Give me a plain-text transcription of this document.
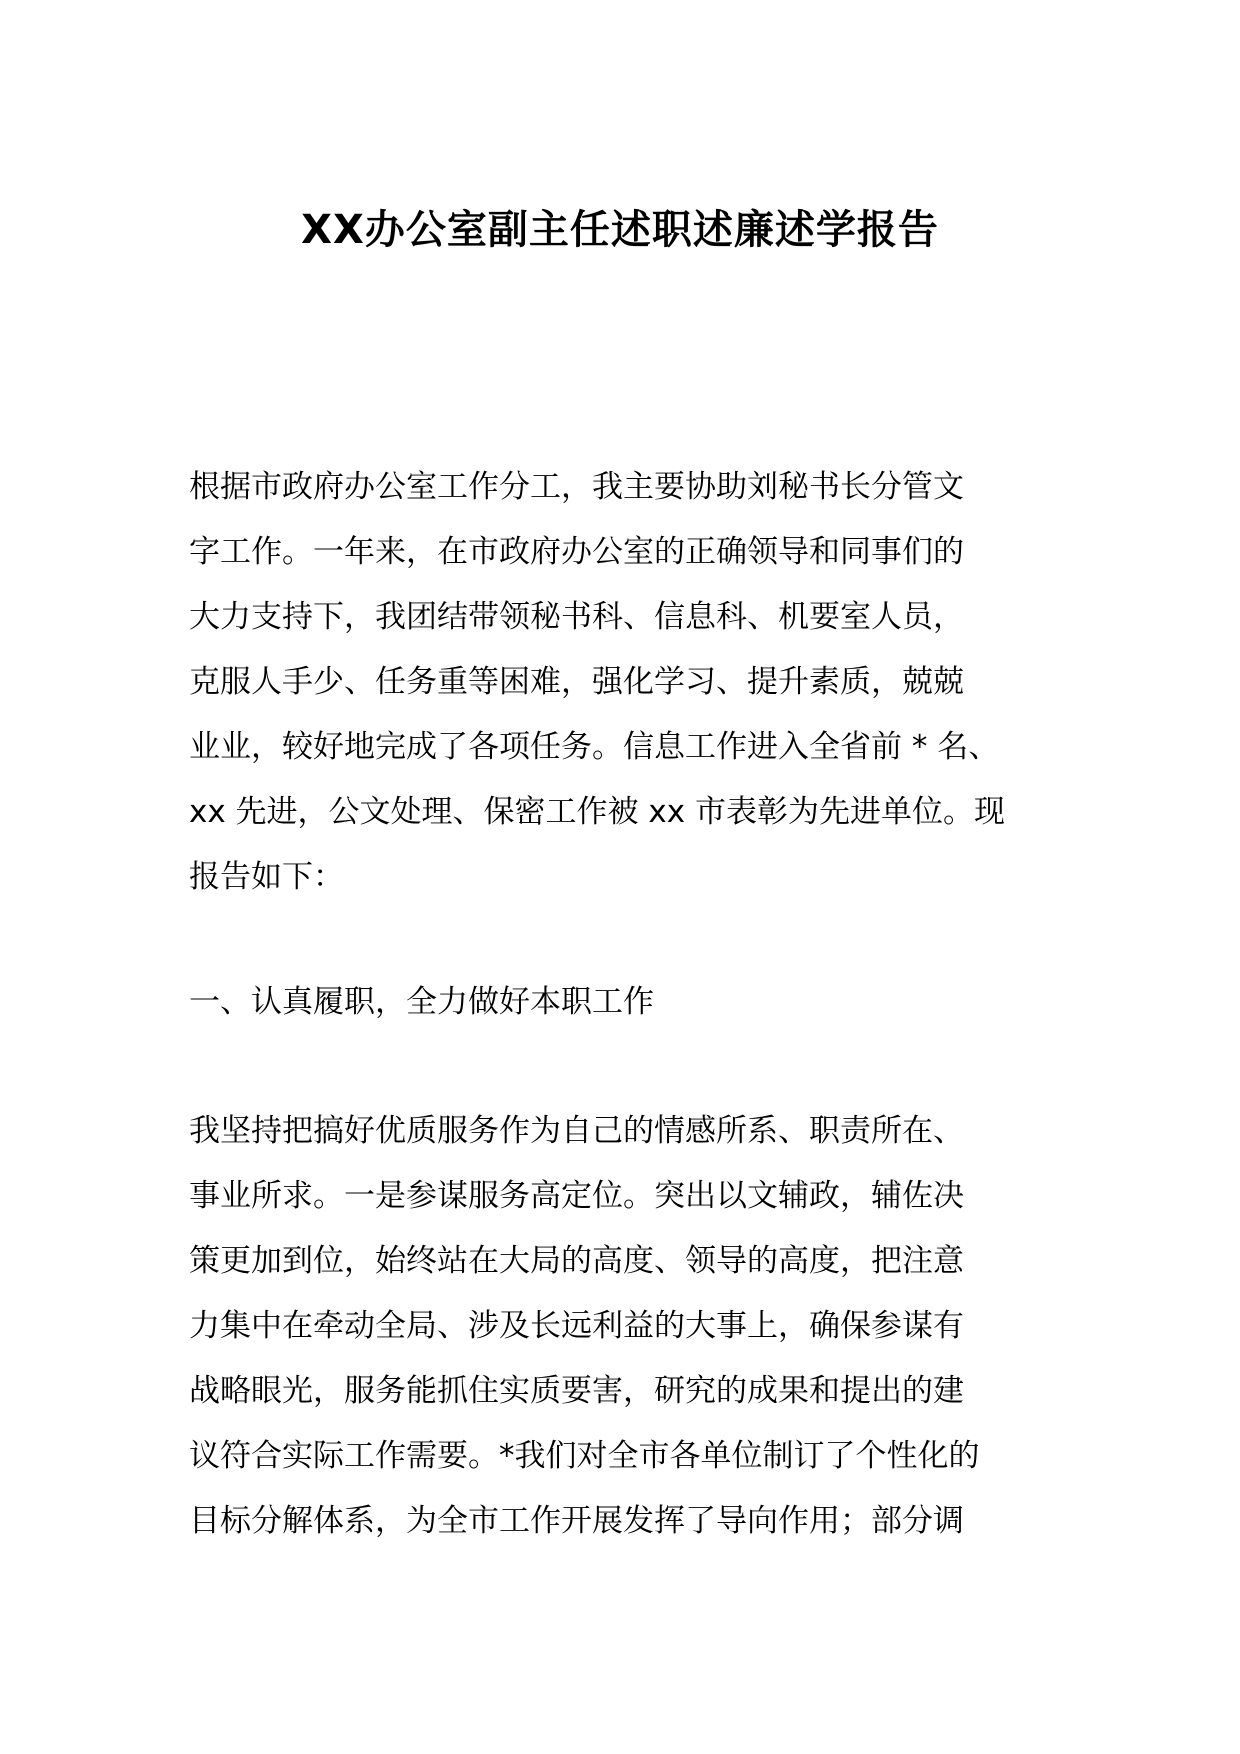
XX办公室副主任述职述廉述学报告
根据市政府办公室工作分工，我主要协助刘秘书长分管文
字工作。一年来，在市政府办公室的正确领导和同事们的
大力支持下，我团结带领秘书科、信息科、机要室人员，
克服人手少、任务重等困难，强化学习、提升素质，兢兢
业业，较好地完成了各项任务。信息工作进入全省前 * 名、
xx 先进，公文处理、保密工作被 xx 市表彰为先进单位。现
报告如下：
一、认真履职，全力做好本职工作
我坚持把搞好优质服务作为自己的情感所系、职责所在、
事业所求。一是参谋服务高定位。突出以文辅政，辅佐决
策更加到位，始终站在大局的高度、领导的高度，把注意
力集中在牵动全局、涉及长远利益的大事上，确保参谋有
战略眼光，服务能抓住实质要害，研究的成果和提出的建
议符合实际工作需要。*我们对全市各单位制订了个性化的
目标分解体系，为全市工作开展发挥了导向作用；部分调
